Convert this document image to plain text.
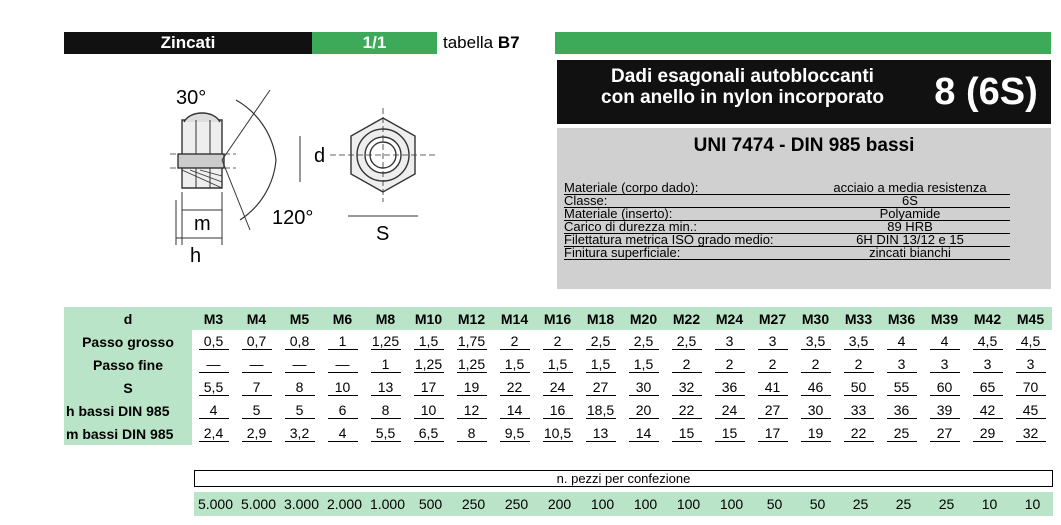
Zincati	1/1	tabella B7
Dadi esagonali autobloccanti
con anello in nylon incorporato	8 (6S)
UNI 7474 - DIN 985 bassi
Materiale (corpo dado):	acciaio a media resistenza
Classe:	6S
Materiale (inserto):	Polyamide
Carico di durezza min.:	89 HRB
Filettatura metrica ISO grado medio:	6H DIN 13/12 e 15
Finitura superficiale:	zincati bianchi
30°
120°
d
m
h
S
d	M3	M4	M5	M6	M8	M10	M12	M14	M16	M18	M20	M22	M24	M27	M30	M33	M36	M39	M42	M45
Passo grosso	0,5	0,7	0,8	1	1,25	1,5	1,75	2	2	2,5	2,5	2,5	3	3	3,5	3,5	4	4	4,5	4,5
Passo fine	—	—	—	—	1	1,25	1,25	1,5	1,5	1,5	1,5	2	2	2	2	2	3	3	3	3
S	5,5	7	8	10	13	17	19	22	24	27	30	32	36	41	46	50	55	60	65	70
h bassi DIN 985	4	5	5	6	8	10	12	14	16	18,5	20	22	24	27	30	33	36	39	42	45
m bassi DIN 985	2,4	2,9	3,2	4	5,5	6,5	8	9,5	10,5	13	14	15	15	17	19	22	25	27	29	32
n. pezzi per confezione
5.000 5.000 3.000 2.000 1.000 500	250	250	200	100	100	100	100	50	50	25	25	25	10	10
